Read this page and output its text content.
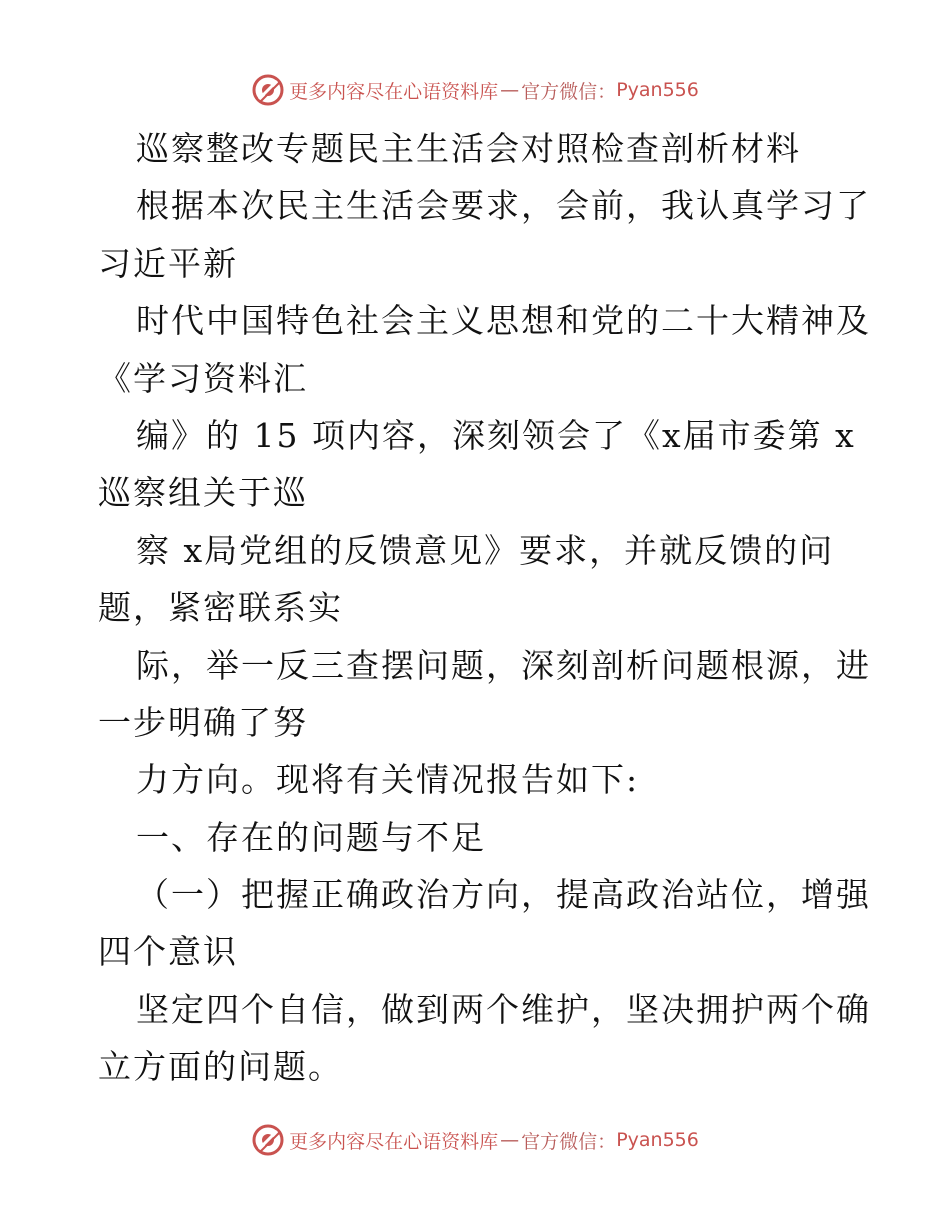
更多内容尽在心语资料库 — 官方微信： Pyan556
巡察整改专题民主生活会对照检查剖析材料
根据本次民主生活会要求，会前，我认真学习了
习近平新
时代中国特色社会主义思想和党的二十大精神及
《学习资料汇
编》的 15 项内容，深刻领会了《x届市委第 x
巡察组关于巡
察 x局党组的反馈意见》要求，并就反馈的问
题，紧密联系实
际，举一反三查摆问题，深刻剖析问题根源，进
一步明确了努
力方向。现将有关情况报告如下:
一、存在的问题与不足
（一）把握正确政治方向，提高政治站位，增强
四个意识
坚定四个自信，做到两个维护，坚决拥护两个确
立方面的问题。
更多内容尽在心语资料库 — 官方微信： Pyan556
